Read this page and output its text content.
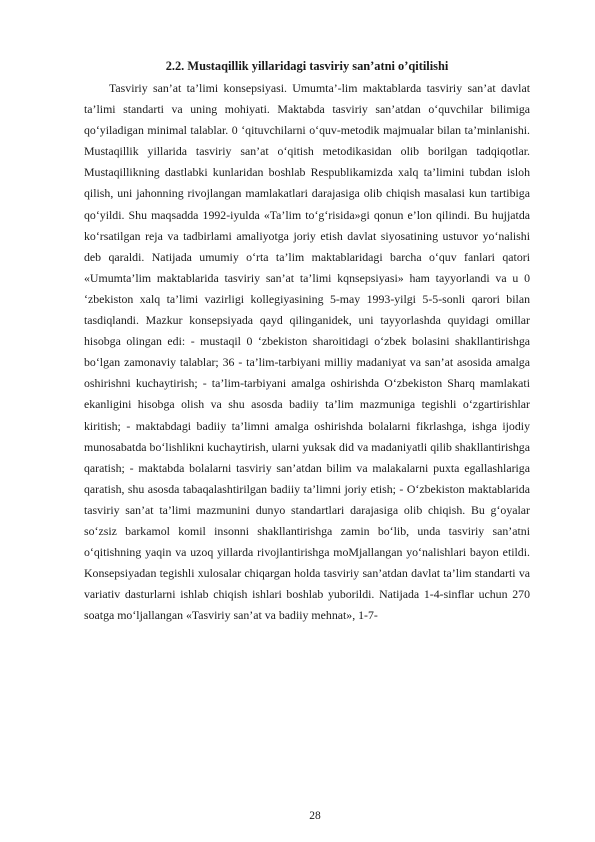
2.2. Mustaqillik yillaridagi tasviriy san’atni o’qitilishi

Tasviriy san’at ta’limi konsepsiyasi. Umumta’-lim maktablarda tasviriy san’at davlat ta’limi standarti va uning mohiyati. Maktabda tasviriy san’atdan o‘quvchilar bilimiga qo‘yiladigan minimal talablar. 0 ‘qituvchilarni o‘quv-metodik majmualar bilan ta’minlanishi. Mustaqillik yillarida tasviriy san’at o‘qitish metodikasidan olib borilgan tadqiqotlar. Mustaqillikning dastlabki kunlaridan boshlab Respublikamizda xalq ta’limini tubdan isloh qilish, uni jahonning rivojlangan mamlakatlari darajasiga olib chiqish masalasi kun tartibiga qo‘yildi. Shu maqsadda 1992-iyulda «Ta’lim to‘g‘risida»gi qonun e’lon qilindi. Bu hujjatda ko‘rsatilgan reja va tadbirlami amaliyotga joriy etish davlat siyosatining ustuvor yo‘nalishi deb qaraldi. Natijada umumiy o‘rta ta’lim maktablaridagi barcha o‘quv fanlari qatori «Umumta’lim maktablarida tasviriy san’at ta’limi kqnsepsiyasi» ham tayyorlandi va u 0 ‘zbekiston xalq ta’limi vazirligi kollegiyasining 5-may 1993-yilgi 5-5-sonli qarori bilan tasdiqlandi. Mazkur konsepsiyada qayd qilinganidek, uni tayyorlashda quyidagi omillar hisobga olingan edi: - mustaqil 0 ‘zbekiston sharoitidagi o‘zbek bolasini shakllantirishga bo‘lgan zamonaviy talablar; 36 - ta’lim-tarbiyani milliy madaniyat va san’at asosida amalga oshirishni kuchaytirish; - ta’lim-tarbiyani amalga oshirishda O‘zbekiston Sharq mamlakati ekanligini hisobga olish va shu asosda badiiy ta’lim mazmuniga tegishli o‘zgartirishlar kiritish; - maktabdagi badiiy ta’limni amalga oshirishda bolalarni fikrlashga, ishga ijodiy munosabatda bo‘lishlikni kuchaytirish, ularni yuksak did va madaniyatli qilib shakllantirishga qaratish; - maktabda bolalarni tasviriy san’atdan bilim va malakalarni puxta egallashlariga qaratish, shu asosda tabaqalashtirilgan badiiy ta’limni joriy etish; - O‘zbekiston maktablarida tasviriy san’at ta’limi mazmunini dunyo standartlari darajasiga olib chiqish. Bu g‘oyalar so‘zsiz barkamol komil insonni shakllantirishga zamin bo‘lib, unda tasviriy san’atni o‘qitishning yaqin va uzoq yillarda rivojlantirishga moMjallangan yo‘nalishlari bayon etildi. Konsepsiyadan tegishli xulosalar chiqargan holda tasviriy san’atdan davlat ta’lim standarti va variativ dasturlarni ishlab chiqish ishlari boshlab yuborildi. Natijada 1-4-sinflar uchun 270 soatga mo‘ljallangan «Tasviriy san’at va badiiy mehnat», 1-7-

28
